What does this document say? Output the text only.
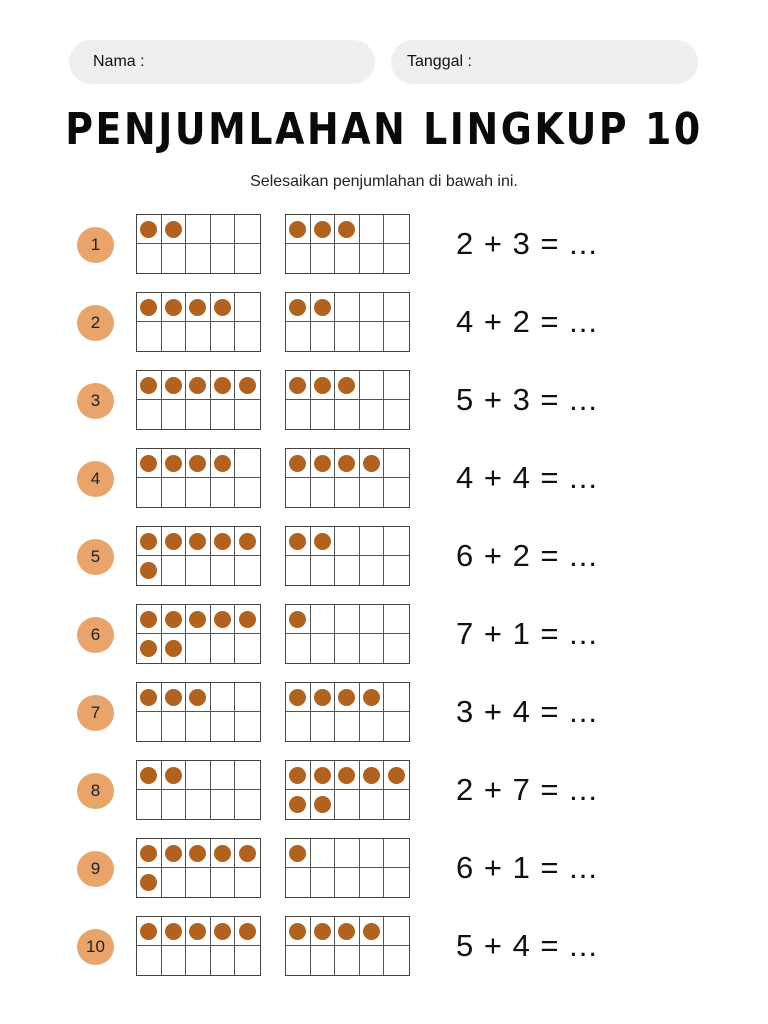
Nama :	Tanggal :
PENJUMLAHAN LINGKUP 10
Selesaikan penjumlahan di bawah ini.
1	2 + 3 = ...
2	4 + 2 = ...
3	5 + 3 = ...
4	4 + 4 = ...
5	6 + 2 = ...
6	7 + 1 = ...
7	3 + 4 = ...
8	2 + 7 = ...
9	6 + 1 = ...
10	5 + 4 = ...
